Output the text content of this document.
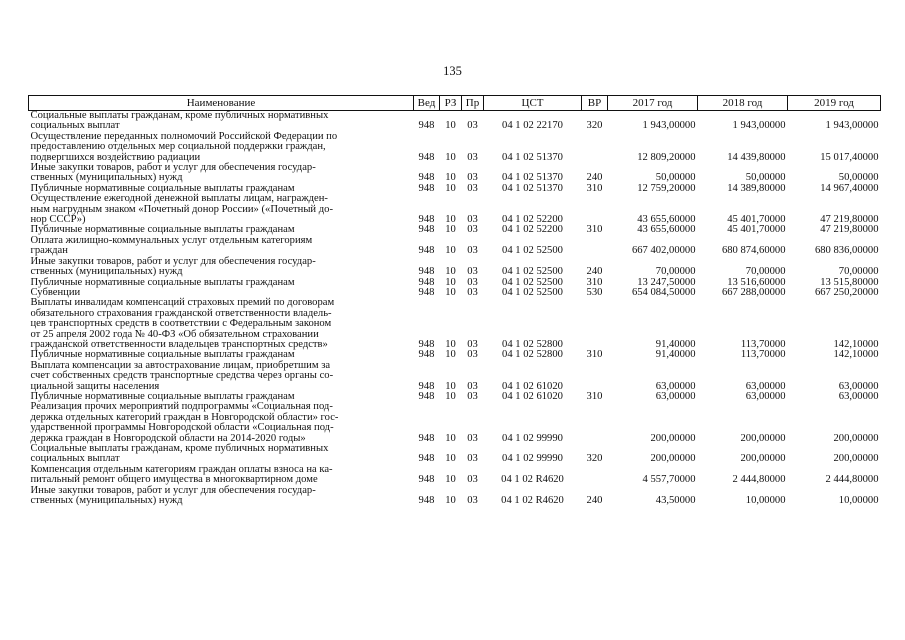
135
Наименование	Вед	РЗ	Пр	ЦСТ	ВР	2017 год	2018 год	2019 год

Социальные выплаты гражданам, кроме публичных нормативных
социальных выплат	948	10	03	04 1 02 22170	320	1 943,00000	1 943,00000	1 943,00000

Осуществление переданных полномочий Российской Федерации по
предоставлению отдельных мер социальной поддержки граждан,
подвергшихся воздействию радиации	948	10	03	04 1 02 51370		12 809,20000	14 439,80000	15 017,40000

Иные закупки товаров, работ и услуг для обеспечения государ-
ственных (муниципальных) нужд	948	10	03	04 1 02 51370	240	50,00000	50,00000	50,00000

Публичные нормативные социальные выплаты гражданам	948	10	03	04 1 02 51370	310	12 759,20000	14 389,80000	14 967,40000

Осуществление ежегодной денежной выплаты лицам, награжден-
ным нагрудным знаком «Почетный донор России» («Почетный до-
нор СССР»)	948	10	03	04 1 02 52200		43 655,60000	45 401,70000	47 219,80000

Публичные нормативные социальные выплаты гражданам	948	10	03	04 1 02 52200	310	43 655,60000	45 401,70000	47 219,80000

Оплата жилищно-коммунальных услуг отдельным категориям
граждан	948	10	03	04 1 02 52500		667 402,00000	680 874,60000	680 836,00000

Иные закупки товаров, работ и услуг для обеспечения государ-
ственных (муниципальных) нужд	948	10	03	04 1 02 52500	240	70,00000	70,00000	70,00000

Публичные нормативные социальные выплаты гражданам	948	10	03	04 1 02 52500	310	13 247,50000	13 516,60000	13 515,80000

Субвенции	948	10	03	04 1 02 52500	530	654 084,50000	667 288,00000	667 250,20000

Выплаты инвалидам компенсаций страховых премий по договорам
обязательного страхования гражданской ответственности владель-
цев транспортных средств в соответствии с Федеральным законом
от 25 апреля 2002 года № 40-ФЗ «Об обязательном страховании
гражданской ответственности владельцев транспортных средств»	948	10	03	04 1 02 52800		91,40000	113,70000	142,10000

Публичные нормативные социальные выплаты гражданам	948	10	03	04 1 02 52800	310	91,40000	113,70000	142,10000

Выплата компенсации за автострахование лицам, приобретшим за
счет собственных средств транспортные средства через органы со-
циальной защиты населения	948	10	03	04 1 02 61020		63,00000	63,00000	63,00000

Публичные нормативные социальные выплаты гражданам	948	10	03	04 1 02 61020	310	63,00000	63,00000	63,00000

Реализация прочих мероприятий подпрограммы «Социальная под-
держка отдельных категорий граждан в Новгородской области» гос-
ударственной программы Новгородской области «Социальная под-
держка граждан в Новгородской области на 2014-2020 годы»	948	10	03	04 1 02 99990		200,00000	200,00000	200,00000

Социальные выплаты гражданам, кроме публичных нормативных
социальных выплат	948	10	03	04 1 02 99990	320	200,00000	200,00000	200,00000

Компенсация отдельным категориям граждан оплаты взноса на ка-
питальный ремонт общего имущества в многоквартирном доме	948	10	03	04 1 02 R4620		4 557,70000	2 444,80000	2 444,80000

Иные закупки товаров, работ и услуг для обеспечения государ-
ственных (муниципальных) нужд	948	10	03	04 1 02 R4620	240	43,50000	10,00000	10,00000
